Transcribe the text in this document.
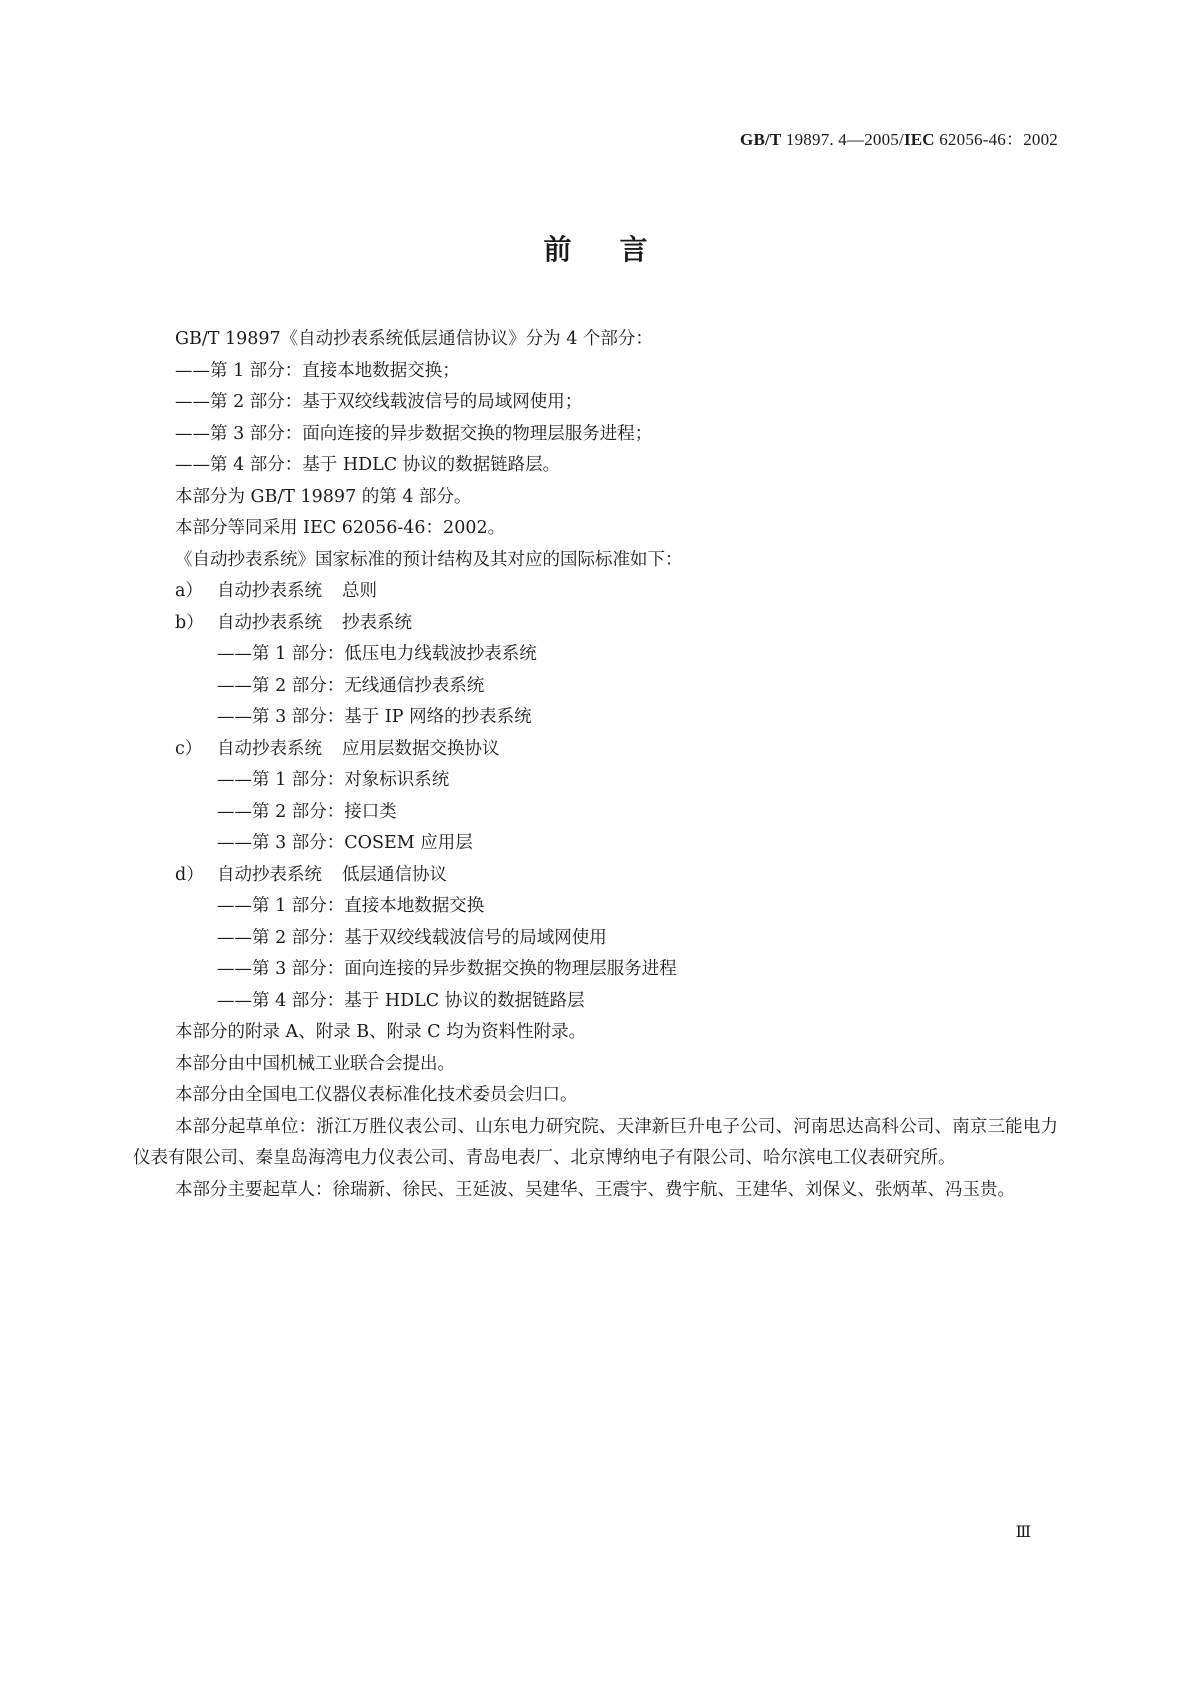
GB/T 19897. 4—2005/IEC 62056-46：2002
前言
GB/T 19897《自动抄表系统低层通信协议》分为 4 个部分：
——第 1 部分：直接本地数据交换；
——第 2 部分：基于双绞线载波信号的局域网使用；
——第 3 部分：面向连接的异步数据交换的物理层服务进程；
——第 4 部分：基于 HDLC 协议的数据链路层。
本部分为 GB/T 19897 的第 4 部分。
本部分等同采用 IEC 62056-46：2002。
《自动抄表系统》国家标准的预计结构及其对应的国际标准如下：
a） 自动抄表系统 总则
b） 自动抄表系统 抄表系统
——第 1 部分：低压电力线载波抄表系统
——第 2 部分：无线通信抄表系统
——第 3 部分：基于 IP 网络的抄表系统
c） 自动抄表系统 应用层数据交换协议
——第 1 部分：对象标识系统
——第 2 部分：接口类
——第 3 部分：COSEM 应用层
d） 自动抄表系统 低层通信协议
——第 1 部分：直接本地数据交换
——第 2 部分：基于双绞线载波信号的局域网使用
——第 3 部分：面向连接的异步数据交换的物理层服务进程
——第 4 部分：基于 HDLC 协议的数据链路层
本部分的附录 A、附录 B、附录 C 均为资料性附录。
本部分由中国机械工业联合会提出。
本部分由全国电工仪器仪表标准化技术委员会归口。
本部分起草单位：浙江万胜仪表公司、山东电力研究院、天津新巨升电子公司、河南思达高科公司、南京三能电力仪表有限公司、秦皇岛海湾电力仪表公司、青岛电表厂、北京博纳电子有限公司、哈尔滨电工仪表研究所。
本部分主要起草人：徐瑞新、徐民、王延波、吴建华、王震宇、费宇航、王建华、刘保义、张炳革、冯玉贵。
Ⅲ
